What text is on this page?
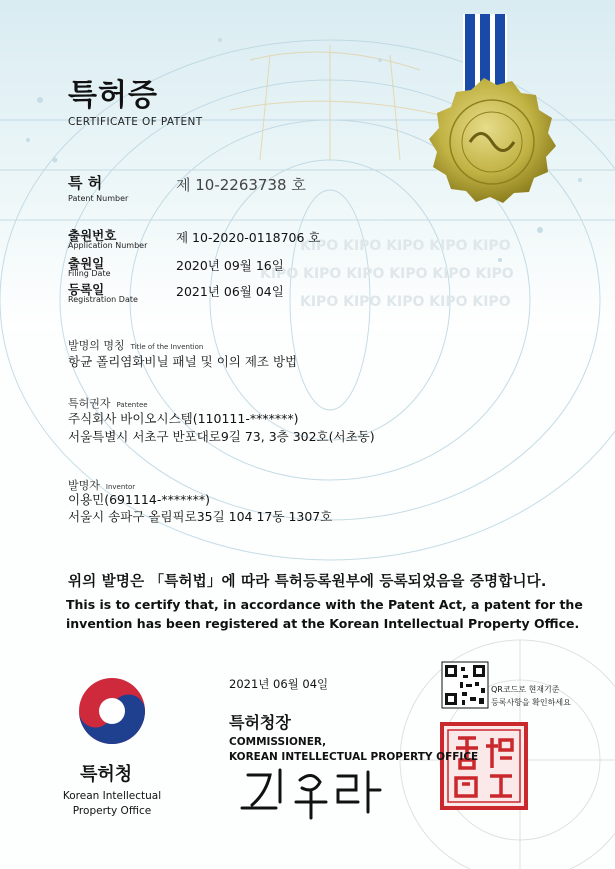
KIPO KIPO KIPO KIPO KIPO
KIPO KIPO KIPO KIPO KIPO KIPO
KIPO KIPO KIPO KIPO KIPO
특허증
CERTIFICATE OF PATENT
특 허
Patent Number
제 10-2263738 호
출원번호
Application Number
제 10-2020-0118706 호
출원일
Filing Date
2020년 09월 16일
등록일
Registration Date
2021년 06월 04일
발명의 명칭 Title of the Invention
항균 폴리염화비닐 패널 및 이의 제조 방법
특허권자 Patentee
주식회사 바이오시스템(110111-*******)
서울특별시 서초구 반포대로9길 73, 3층 302호(서초동)
발명자 Inventor
이용민(691114-*******)
서울시 송파구 올림픽로35길 104 17동 1307호
위의 발명은 「특허법」에 따라 특허등록원부에 등록되었음을 증명합니다.
This is to certify that, in accordance with the Patent Act, a patent for the
invention has been registered at the Korean Intellectual Property Office.
2021년 06월 04일	QR코드로 현재기준
등록사항을 확인하세요
특허청장
COMMISSIONER,
KOREAN INTELLECTUAL PROPERTY OFFICE
특허청
Korean Intellectual
Property Office
